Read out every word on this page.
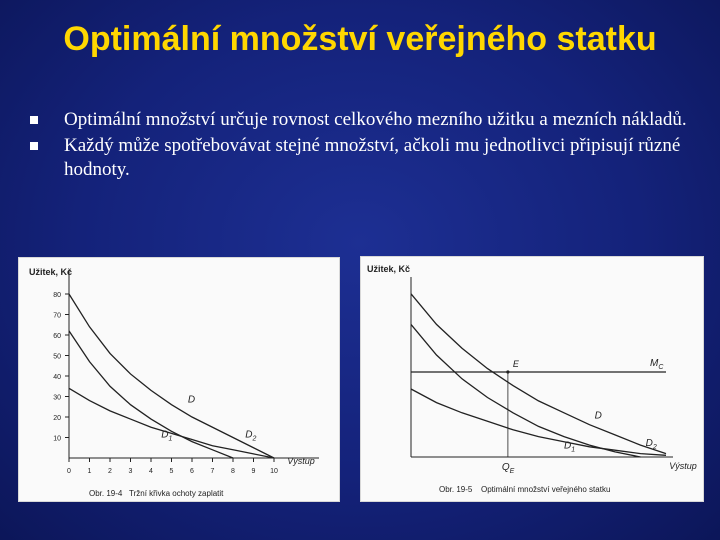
Optimální množství veřejného statku
Optimální množství určuje rovnost celkového mezního užitku a mezních nákladů.
Každý může spotřebovávat stejné množství, ačkoli mu jednotlivci připisují různé hodnoty.
Užitek, Kč
Výstup
Obr. 19-4 Tržní křivka ochoty zaplatit
10
20
30
40
50
60
70
80
0 1 2 3 4 5 6 7 8 9 10
D
$D_1$	$D_2$
Užitek, Kč
Výstup
Obr. 19-5 Optimální množství veřejného statku
E
$Q_E$
$M_C$
D
$D_1$
$D_2$
